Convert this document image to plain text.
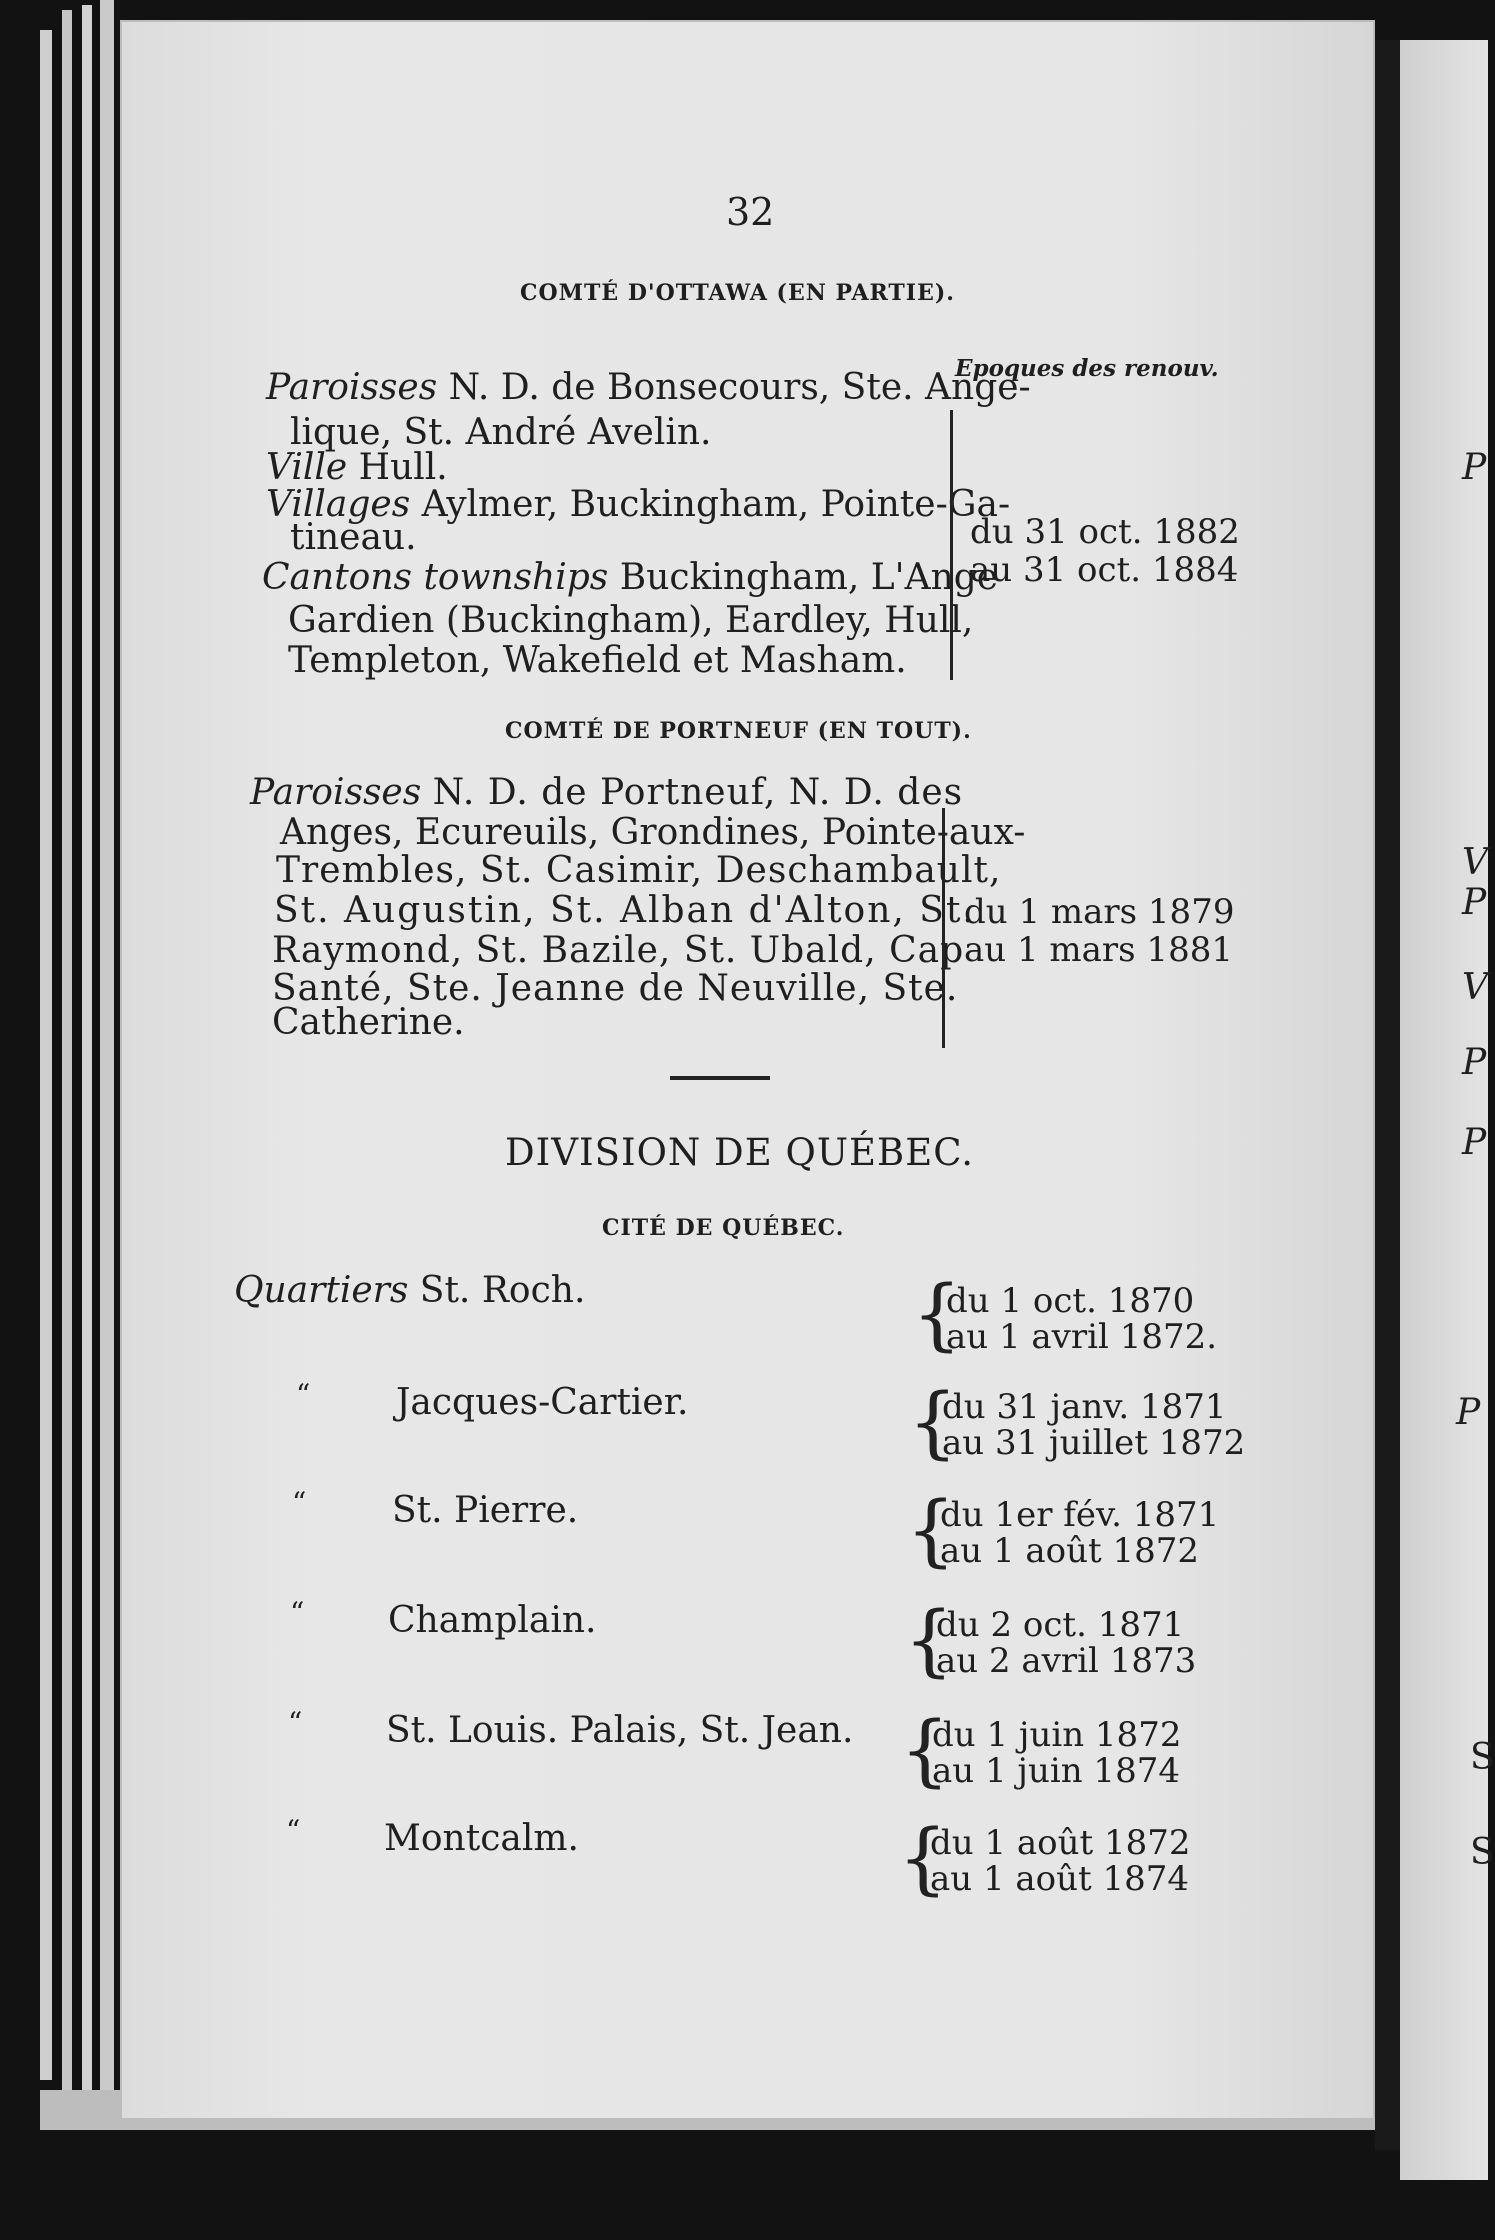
P
V
P
V
P
P
P
S
S
32
COMTÉ D'OTTAWA (EN PARTIE).
Epoques des renouv.
Paroisses N. D. de Bonsecours, Ste. Ange-
lique, St. André Avelin.
Ville Hull.
Villages Aylmer, Buckingham, Pointe-Ga-
tineau.
Cantons townships Buckingham, L'Ange
Gardien (Buckingham), Eardley, Hull,
Templeton, Wakefield et Masham.
du 31 oct. 1882
au 31 oct. 1884
COMTÉ DE PORTNEUF (EN TOUT).
Paroisses N. D. de Portneuf, N. D. des
Anges, Ecureuils, Grondines, Pointe-aux-
Trembles, St. Casimir, Deschambault,
St. Augustin, St. Alban d'Alton, St.
Raymond, St. Bazile, St. Ubald, Cap
Santé, Ste. Jeanne de Neuville, Ste.
Catherine.
du 1 mars 1879
au 1 mars 1881
DIVISION DE QUÉBEC.
CITÉ DE QUÉBEC.
Quartiers St. Roch.	{
du 1 oct. 1870
au 1 avril 1872.
“ Jacques-Cartier.	{
du 31 janv. 1871
au 31 juillet 1872
“ St. Pierre.	{
du 1er fév. 1871
au 1 août 1872
“ Champlain.	{
du 2 oct. 1871
au 2 avril 1873
“ St. Louis. Palais, St. Jean. {
du 1 juin 1872
au 1 juin 1874
“ Montcalm.	{
du 1 août 1872
au 1 août 1874
